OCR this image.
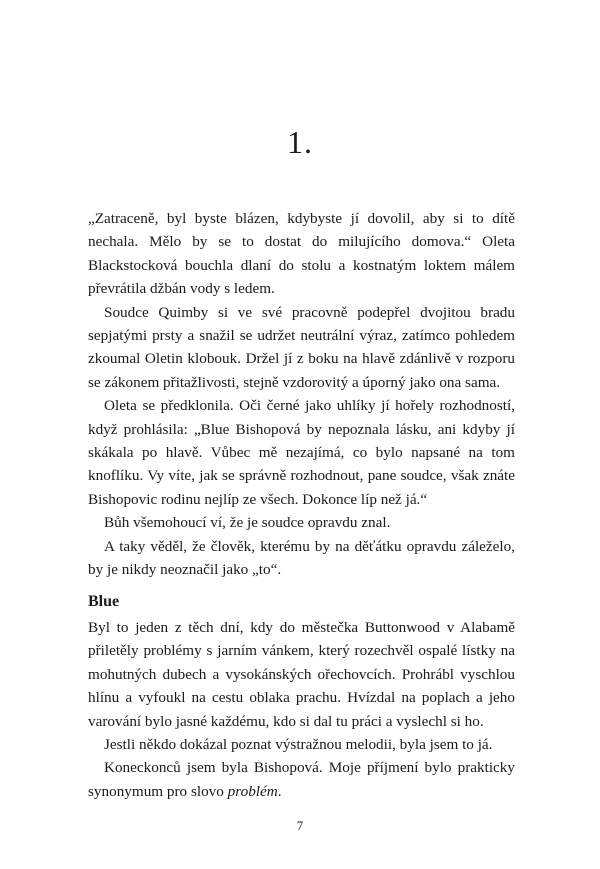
1.

„Zatraceně, byl byste blázen, kdybyste jí dovolil, aby si to dítě nechala. Mělo by se to dostat do milujícího domova.“ Oleta Blackstocková bouchla dlaní do stolu a kostnatým loktem málem převrátila džbán vody s ledem.

Soudce Quimby si ve své pracovně podepřel dvojitou bradu sepjatými prsty a snažil se udržet neutrální výraz, zatímco pohledem zkoumal Oletin klobouk. Držel jí z boku na hlavě zdánlivě v rozporu se zákonem přitažlivosti, stejně vzdorovitý a úporný jako ona sama.

Oleta se předklonila. Oči černé jako uhlíky jí hořely rozhodností, když prohlásila: „Blue Bishopová by nepoznala lásku, ani kdyby jí skákala po hlavě. Vůbec mě nezajímá, co bylo napsané na tom knoflíku. Vy víte, jak se správně rozhodnout, pane soudce, však znáte Bishopovic rodinu nejlíp ze všech. Dokonce líp než já.“

Bůh všemohoucí ví, že je soudce opravdu znal.

A taky věděl, že člověk, kterému by na děťátku opravdu záleželo, by je nikdy neoznačil jako „to“.

Blue

Byl to jeden z těch dní, kdy do městečka Buttonwood v Alabamě přiletěly problémy s jarním vánkem, který rozechvěl ospalé lístky na mohutných dubech a vysokánských ořechovcích. Prohrábl vyschlou hlínu a vyfoukl na cestu oblaka prachu. Hvízdal na poplach a jeho varování bylo jasné každému, kdo si dal tu práci a vyslechl si ho.

Jestli někdo dokázal poznat výstražnou melodii, byla jsem to já.

Koneckonců jsem byla Bishopová. Moje příjmení bylo prakticky synonymum pro slovo problém.

7
